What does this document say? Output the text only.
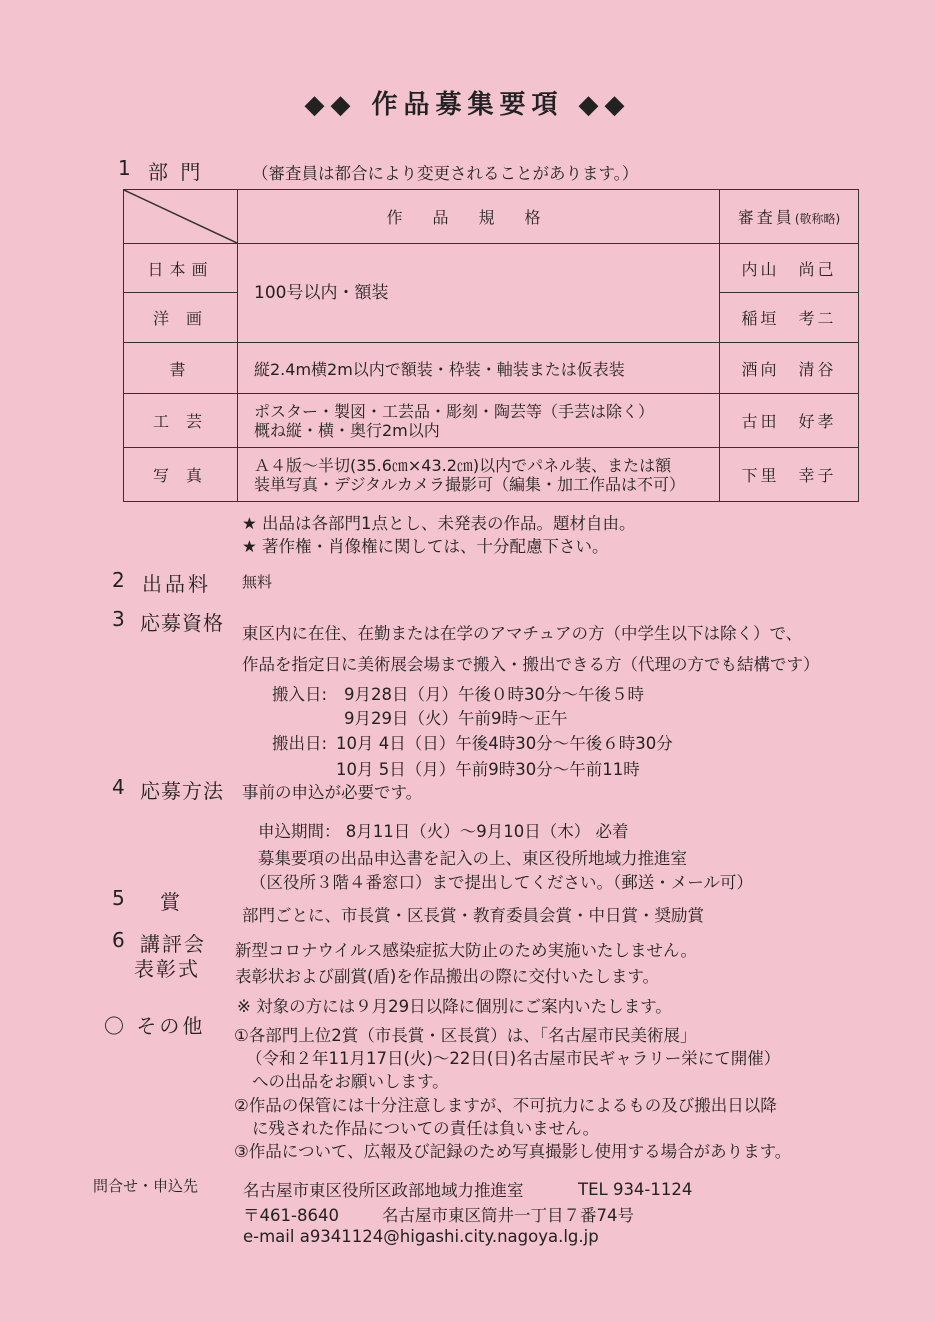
◆◆ 作品募集要項 ◆◆
1 部 門	（審査員は都合により変更されることがあります。）
	作品規格	審査員(敬称略)
日本画	100号以内・額装	内山　尚己
洋 画		稲垣　考二
書	縦2.4m横2m以内で額装・枠装・軸装または仮表装	酒向　清谷
工 芸	ポスター・製図・工芸品・彫刻・陶芸等（手芸は除く）
概ね縦・横・奥行2m以内	古田　好孝
写 真	Ａ４版～半切(35.6㎝×43.2㎝)以内でパネル装、または額
装単写真・デジタルカメラ撮影可（編集・加工作品は不可）	下里　幸子
★ 出品は各部門1点とし、未発表の作品。題材自由。
★ 著作権・肖像権に関しては、十分配慮下さい。
2 出品料 無料
3 応募資格 東区内に在住、在勤または在学のアマチュアの方（中学生以下は除く）で、
作品を指定日に美術展会場まで搬入・搬出できる方（代理の方でも結構です）
搬入日: 9月28日（月）午後０時30分～午後５時
9月29日（火）午前9時～正午
搬出日: 10月 4日（日）午後4時30分～午後６時30分
10月 5日（月）午前9時30分～午前11時
4 応募方法 事前の申込が必要です。
申込期間： 8月11日（火）～9月10日（木） 必着
募集要項の出品申込書を記入の上、東区役所地域力推進室
（区役所３階４番窓口）まで提出してください。（郵送・メール可）
5 賞
部門ごとに、市長賞・区長賞・教育委員会賞・中日賞・奨励賞
6 講評会
表彰式
新型コロナウイルス感染症拡大防止のため実施いたしません。
表彰状および副賞(盾)を作品搬出の際に交付いたします。
※ 対象の方には９月29日以降に個別にご案内いたします。
〇 その他 ①各部門上位2賞（市長賞・区長賞）は、「名古屋市民美術展」
（令和２年11月17日(火)～22日(日)名古屋市民ギャラリー栄にて開催）
への出品をお願いします。
②作品の保管には十分注意しますが、不可抗力によるもの及び搬出日以降
に残された作品についての責任は負いません。
③作品について、広報及び記録のため写真撮影し使用する場合があります。
問合せ・申込先	名古屋市東区役所区政部地域力推進室	TEL 934-1124
〒461-8640	名古屋市東区筒井一丁目７番74号
e-mail a9341124@higashi.city.nagoya.lg.jp
